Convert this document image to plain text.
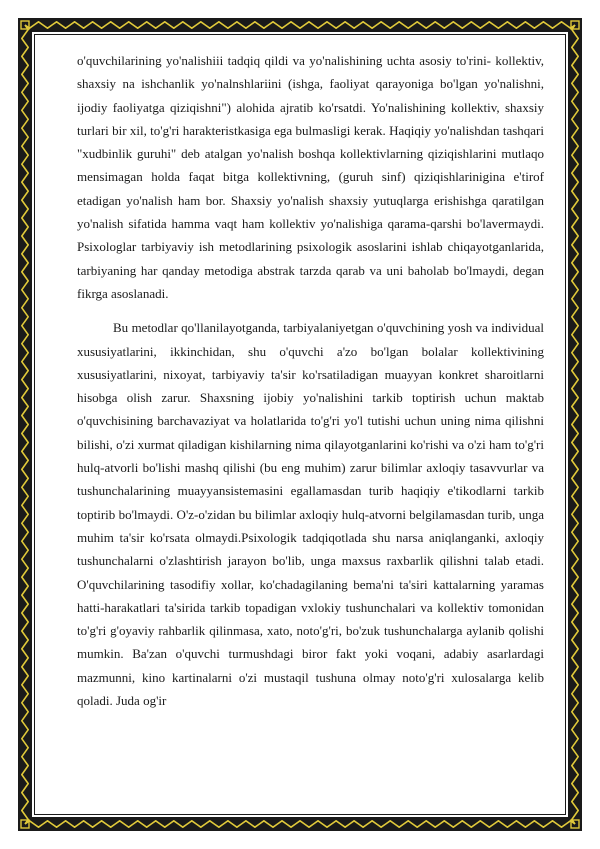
o'quvchilarining yo'nalishiii tadqiq qildi va yo'nalishining uchta asosiy to'rini- kollektiv, shaxsiy na ishchanlik yo'nalnshlariini (ishga, faoliyat qarayoniga bo'lgan yo'nalishni, ijodiy faoliyatga qiziqishni") alohida ajratib ko'rsatdi. Yo'nalishining kollektiv, shaxsiy turlari bir xil, to'g'ri harakteristkasiga ega bulmasligi kerak. Haqiqiy yo'nalishdan tashqari "xudbinlik guruhi" deb atalgan yo'nalish boshqa kollektivlarning qiziqishlarini mutlaqo mensimagan holda faqat bitga kollektivning, (guruh sinf) qiziqishlarinigina e'tirof etadigan yo'nalish ham bor. Shaxsiy yo'nalish shaxsiy yutuqlarga erishishga qaratilgan yo'nalish sifatida hamma vaqt ham kollektiv yo'nalishiga qarama-qarshi bo'lavermaydi. Psixologlar tarbiyaviy ish metodlarining psixologik asoslarini ishlab chiqayotganlarida, tarbiyaning har qanday metodiga abstrak tarzda qarab va uni baholab bo'lmaydi, degan fikrga asoslanadi.

Bu metodlar qo'llanilayotganda, tarbiyalaniyetgan o'quvchining yosh va individual xususiyatlarini, ikkinchidan, shu o'quvchi a'zo bo'lgan bolalar kollektivining xususiyatlarini, nixoyat, tarbiyaviy ta'sir ko'rsatiladigan muayyan konkret sharoitlarni hisobga olish zarur. Shaxsning ijobiy yo'nalishini tarkib toptirish uchun maktab o'quvchisining barchavaziyat va holatlarida to'g'ri yo'l tutishi uchun uning nima qilishni bilishi, o'zi xurmat qiladigan kishilarning nima qilayotganlarini ko'rishi va o'zi ham to'g'ri hulq-atvorli bo'lishi mashq qilishi (bu eng muhim) zarur bilimlar axloqiy tasavvurlar va tushunchalarining muayyansistemasini egallamasdan turib haqiqiy e'tikodlarni tarkib toptirib bo'lmaydi. O'z-o'zidan bu bilimlar axloqiy hulq-atvorni belgilamasdan turib, unga muhim ta'sir ko'rsata olmaydi.Psixologik tadqiqotlada shu narsa aniqlanganki, axloqiy tushunchalarni o'zlashtirish jarayon bo'lib, unga maxsus raxbarlik qilishni talab etadi. O'quvchilarining tasodifiy xollar, ko'chadagilaning bema'ni ta'siri kattalarning yaramas hatti-harakatlari ta'sirida tarkib topadigan vxlokiy tushunchalari va kollektiv tomonidan to'g'ri g'oyaviy rahbarlik qilinmasa, xato, noto'g'ri, bo'zuk tushunchalarga aylanib qolishi mumkin. Ba'zan o'quvchi turmushdagi biror fakt yoki voqani, adabiy asarlardagi mazmunni, kino kartinalarni o'zi mustaqil tushuna olmay noto'g'ri xulosalarga kelib qoladi. Juda og'ir
